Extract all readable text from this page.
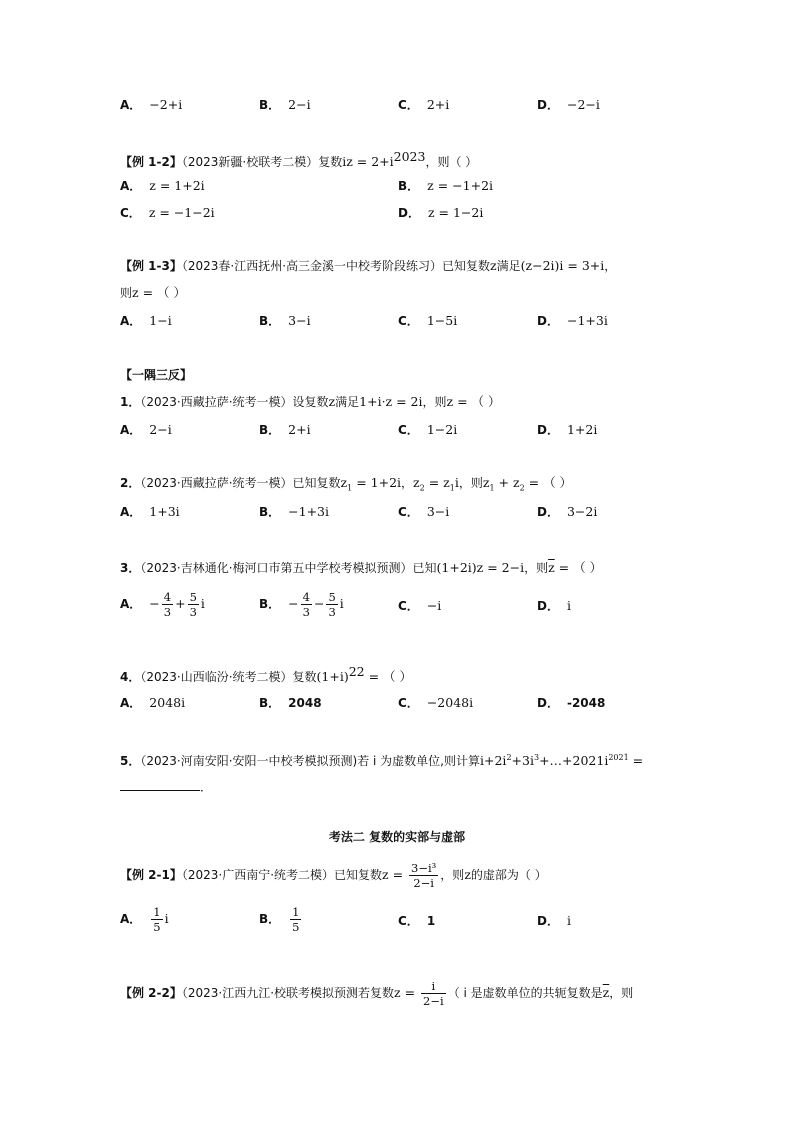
A． −2+i	B． 2−i	C． 2+i	D． −2−i
【例 1-2】（2023新疆·校联考二模）复数iz = $2+i^{2023}$，则（ ）
A． z = 1+2i	B． z = −1+2i
C． z = −1−2i	D． z = 1−2i
【例 1-3】（2023春·江西抚州·高三金溪一中校考阶段练习）已知复数z满足(z−2i)i = 3+i，
则z = （ ）
A． 1−i	B． 3−i	C． 1−5i	D． −1+3i
【一隅三反】
1．（2023·西藏拉萨·统考一模）设复数z满足1+i·z = 2i，则z = （ ）
A． 2−i	B． 2+i	C． 1−2i	D． 1+2i
2．（2023·西藏拉萨·统考一模）已知复数$z_1 = 1+2i$，$z_2 = z_1i$，则$z_1 + z_2$ = （ ）
A． 1+3i	B． −1+3i	C． 3−i	D． 3−2i
3．（2023·吉林通化·梅河口市第五中学校考模拟预测）已知(1+2i)z = 2−i，则$\overline{z}$ = （ ）
A． − $\frac{4}{3} + \frac{5}{3}$ i	B． − $\frac{4}{3} - \frac{5}{3}$ i	C． −i	D． i
4．（2023·山西临汾·统考二模）复数$(1+i)^{22}$ = （ ）
A． 2048i	B． 2048	C． −2048i	D． -2048
5．（2023·河南安阳·安阳一中校考模拟预测)若 i 为虚数单位,则计算$i+2i^2+3i^3+\dots+2021i^{2021}$ =
．
考法二 复数的实部与虚部
【例 2-1】（2023·广西南宁·统考二模）已知复数$z = \frac{\text{3−i³}}{2-i}$ ，则z的虚部为（ ）
A． $\frac{1}{5}$ i	B． $\frac{1}{5}$	C． 1	D． i
【例 2-2】（2023·江西九江·校联考模拟预测若复数$z = \frac{i}{2-i}$ （ i 是虚数单位的共轭复数是$\overline{z}$，则
